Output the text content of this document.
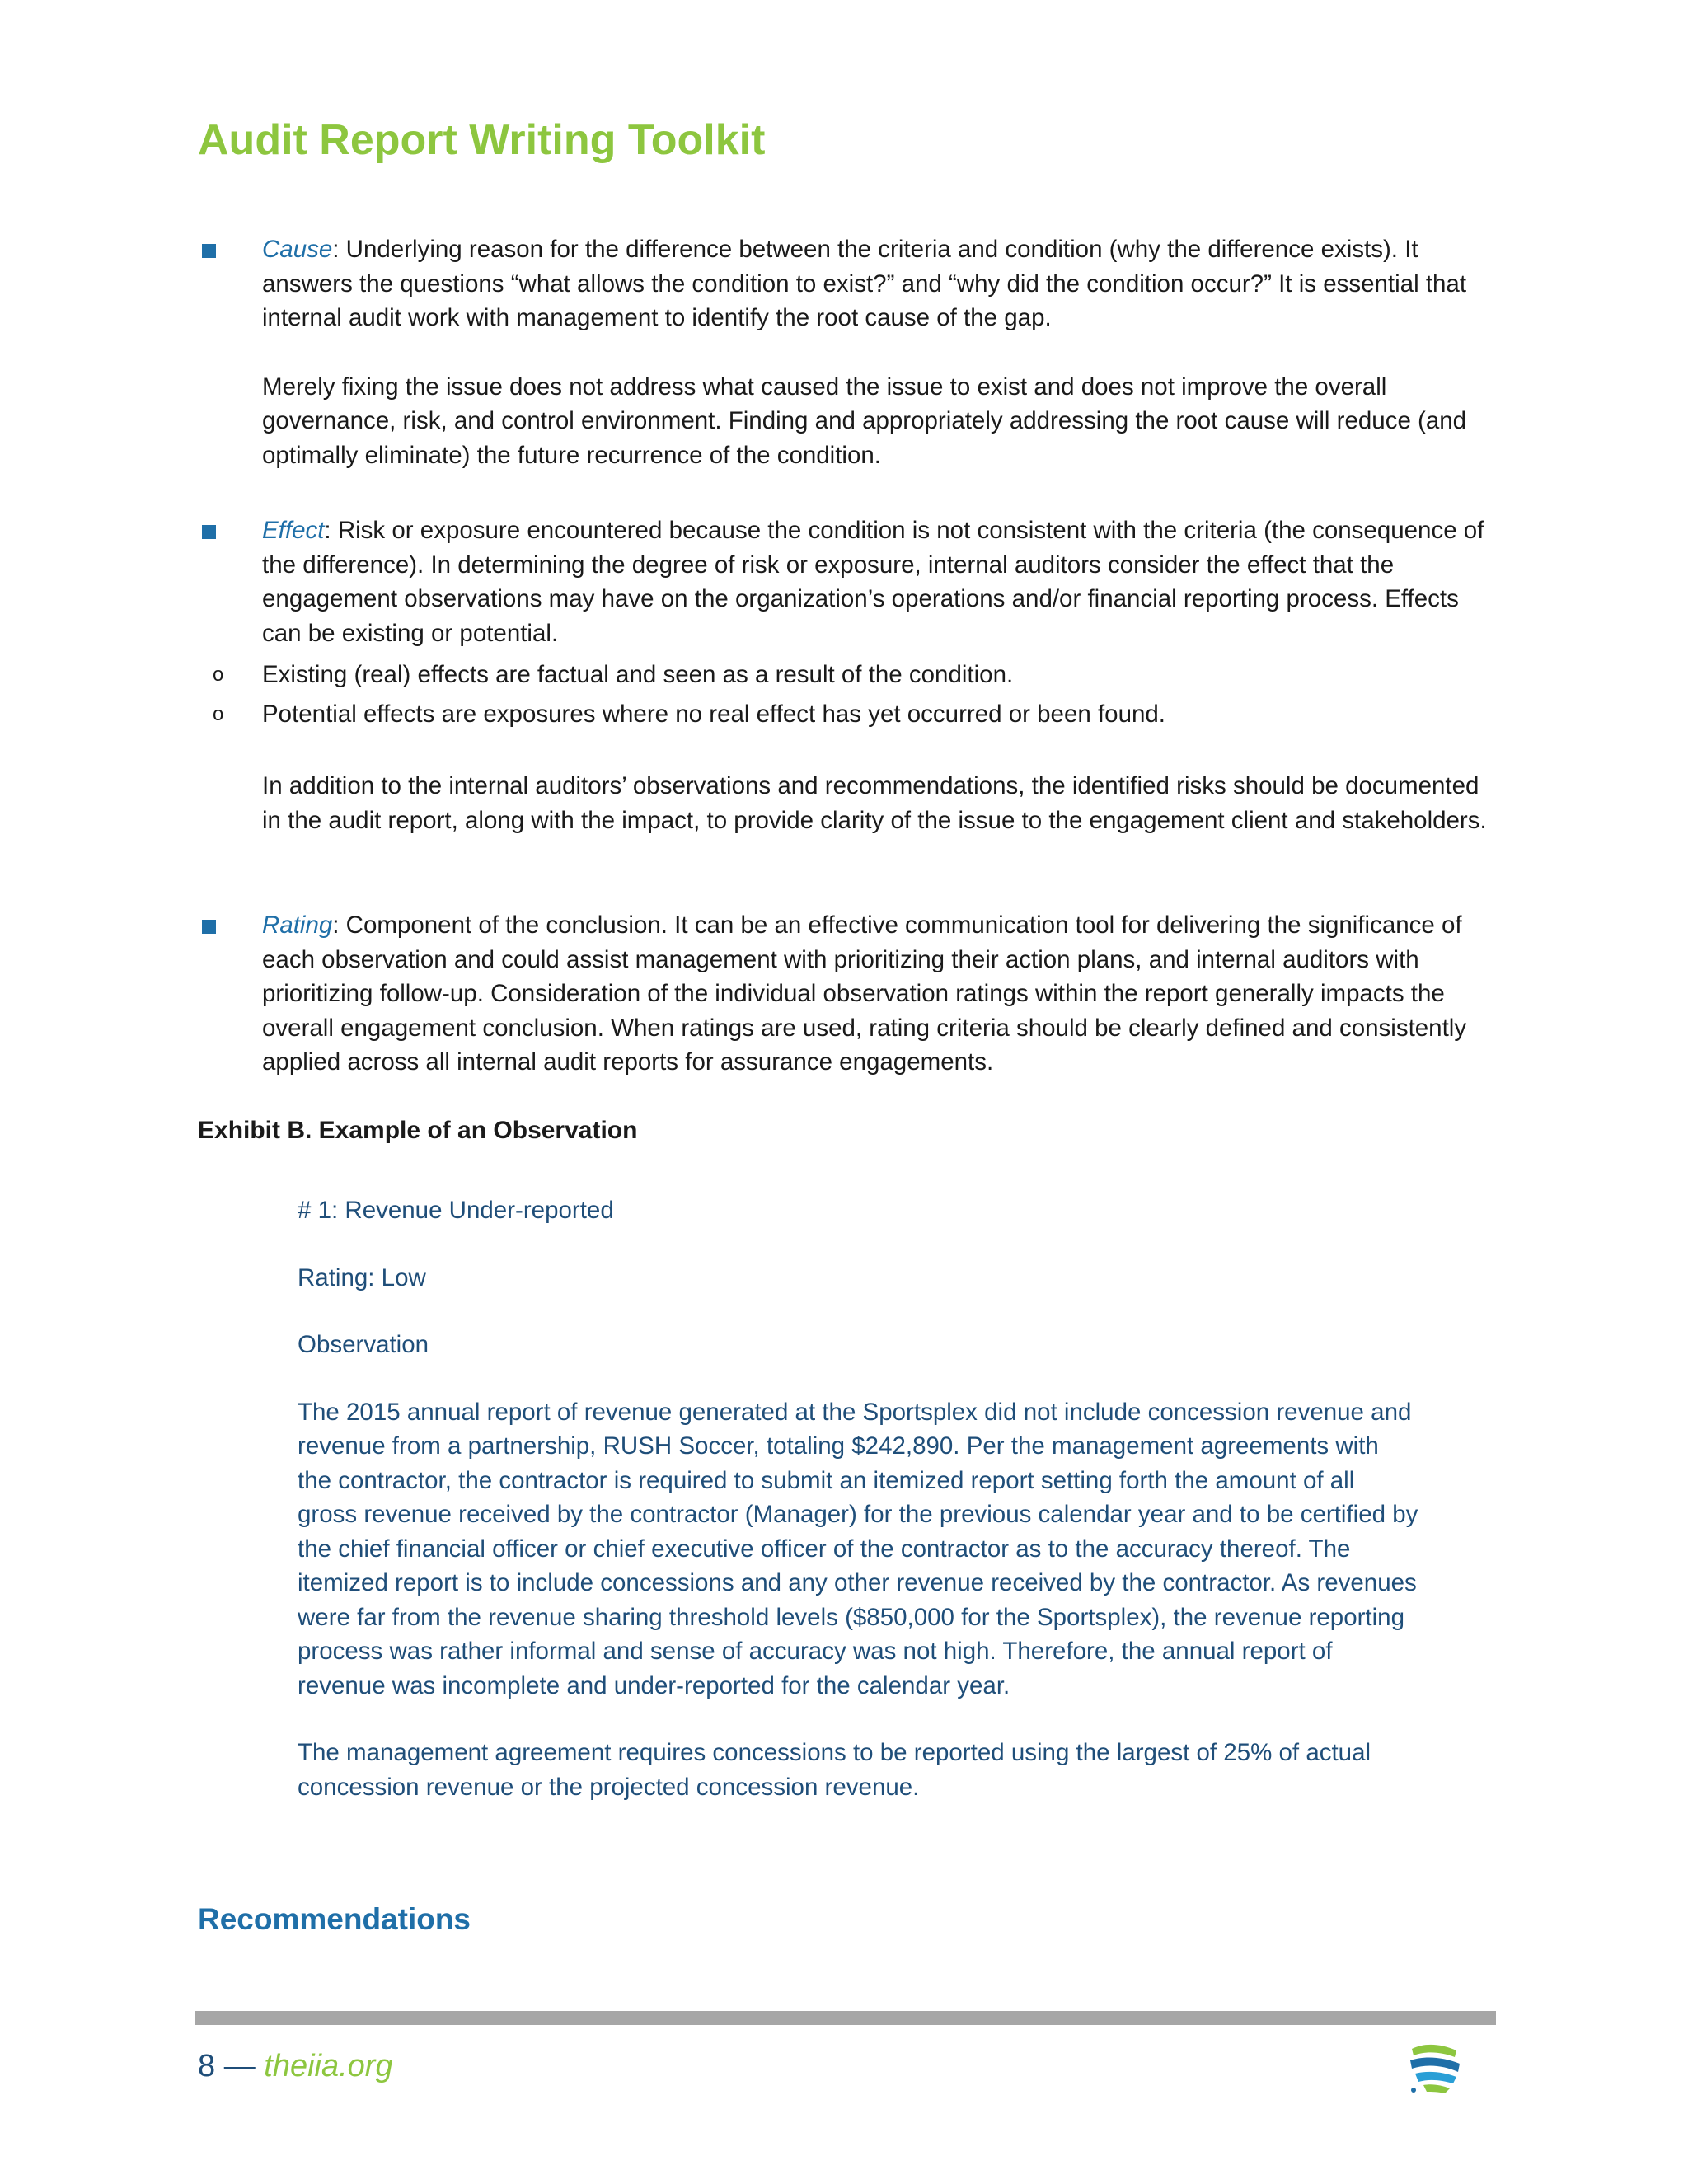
Audit Report Writing Toolkit
Cause: Underlying reason for the difference between the criteria and condition (why the difference exists). It answers the questions “what allows the condition to exist?” and “why did the condition occur?” It is essential that internal audit work with management to identify the root cause of the gap.
Merely fixing the issue does not address what caused the issue to exist and does not improve the overall governance, risk, and control environment. Finding and appropriately addressing the root cause will reduce (and optimally eliminate) the future recurrence of the condition.
Effect: Risk or exposure encountered because the condition is not consistent with the criteria (the consequence of the difference). In determining the degree of risk or exposure, internal auditors consider the effect that the engagement observations may have on the organization’s operations and/or financial reporting process. Effects can be existing or potential.
o	Existing (real) effects are factual and seen as a result of the condition.
o	Potential effects are exposures where no real effect has yet occurred or been found.
In addition to the internal auditors’ observations and recommendations, the identified risks should be documented in the audit report, along with the impact, to provide clarity of the issue to the engagement client and stakeholders.
Rating: Component of the conclusion. It can be an effective communication tool for delivering the significance of each observation and could assist management with prioritizing their action plans, and internal auditors with prioritizing follow-up. Consideration of the individual observation ratings within the report generally impacts the overall engagement conclusion. When ratings are used, rating criteria should be clearly defined and consistently applied across all internal audit reports for assurance engagements.
Exhibit B. Example of an Observation

# 1: Revenue Under-reported

Rating: Low

Observation

The 2015 annual report of revenue generated at the Sportsplex did not include concession revenue and revenue from a partnership, RUSH Soccer, totaling $242,890. Per the management agreements with the contractor, the contractor is required to submit an itemized report setting forth the amount of all gross revenue received by the contractor (Manager) for the previous calendar year and to be certified by the chief financial officer or chief executive officer of the contractor as to the accuracy thereof. The itemized report is to include concessions and any other revenue received by the contractor. As revenues were far from the revenue sharing threshold levels ($850,000 for the Sportsplex), the revenue reporting process was rather informal and sense of accuracy was not high. Therefore, the annual report of revenue was incomplete and under-reported for the calendar year.

The management agreement requires concessions to be reported using the largest of 25% of actual concession revenue or the projected concession revenue.

Recommendations
8 — theiia.org
